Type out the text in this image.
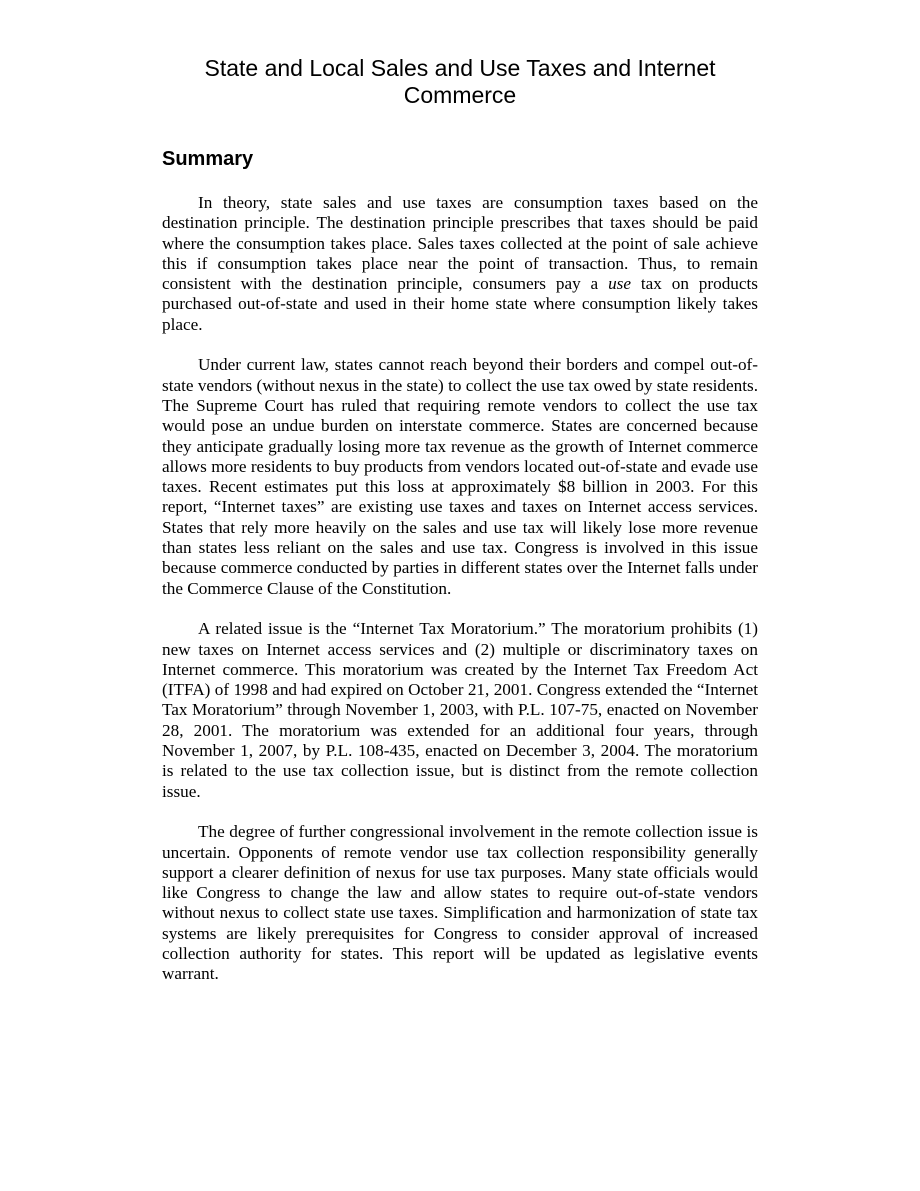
State and Local Sales and Use Taxes and Internet Commerce
Summary

In theory, state sales and use taxes are consumption taxes based on the destination principle. The destination principle prescribes that taxes should be paid where the consumption takes place. Sales taxes collected at the point of sale achieve this if consumption takes place near the point of transaction. Thus, to remain consistent with the destination principle, consumers pay a use tax on products purchased out-of-state and used in their home state where consumption likely takes place.

Under current law, states cannot reach beyond their borders and compel out-of-state vendors (without nexus in the state) to collect the use tax owed by state residents. The Supreme Court has ruled that requiring remote vendors to collect the use tax would pose an undue burden on interstate commerce. States are concerned because they anticipate gradually losing more tax revenue as the growth of Internet commerce allows more residents to buy products from vendors located out-of-state and evade use taxes. Recent estimates put this loss at approximately $8 billion in 2003. For this report, “Internet taxes” are existing use taxes and taxes on Internet access services. States that rely more heavily on the sales and use tax will likely lose more revenue than states less reliant on the sales and use tax. Congress is involved in this issue because commerce conducted by parties in different states over the Internet falls under the Commerce Clause of the Constitution.

A related issue is the “Internet Tax Moratorium.” The moratorium prohibits (1) new taxes on Internet access services and (2) multiple or discriminatory taxes on Internet commerce. This moratorium was created by the Internet Tax Freedom Act (ITFA) of 1998 and had expired on October 21, 2001. Congress extended the “Internet Tax Moratorium” through November 1, 2003, with P.L. 107-75, enacted on November 28, 2001. The moratorium was extended for an additional four years, through November 1, 2007, by P.L. 108-435, enacted on December 3, 2004. The moratorium is related to the use tax collection issue, but is distinct from the remote collection issue.

The degree of further congressional involvement in the remote collection issue is uncertain. Opponents of remote vendor use tax collection responsibility generally support a clearer definition of nexus for use tax purposes. Many state officials would like Congress to change the law and allow states to require out-of-state vendors without nexus to collect state use taxes. Simplification and harmonization of state tax systems are likely prerequisites for Congress to consider approval of increased collection authority for states. This report will be updated as legislative events warrant.
